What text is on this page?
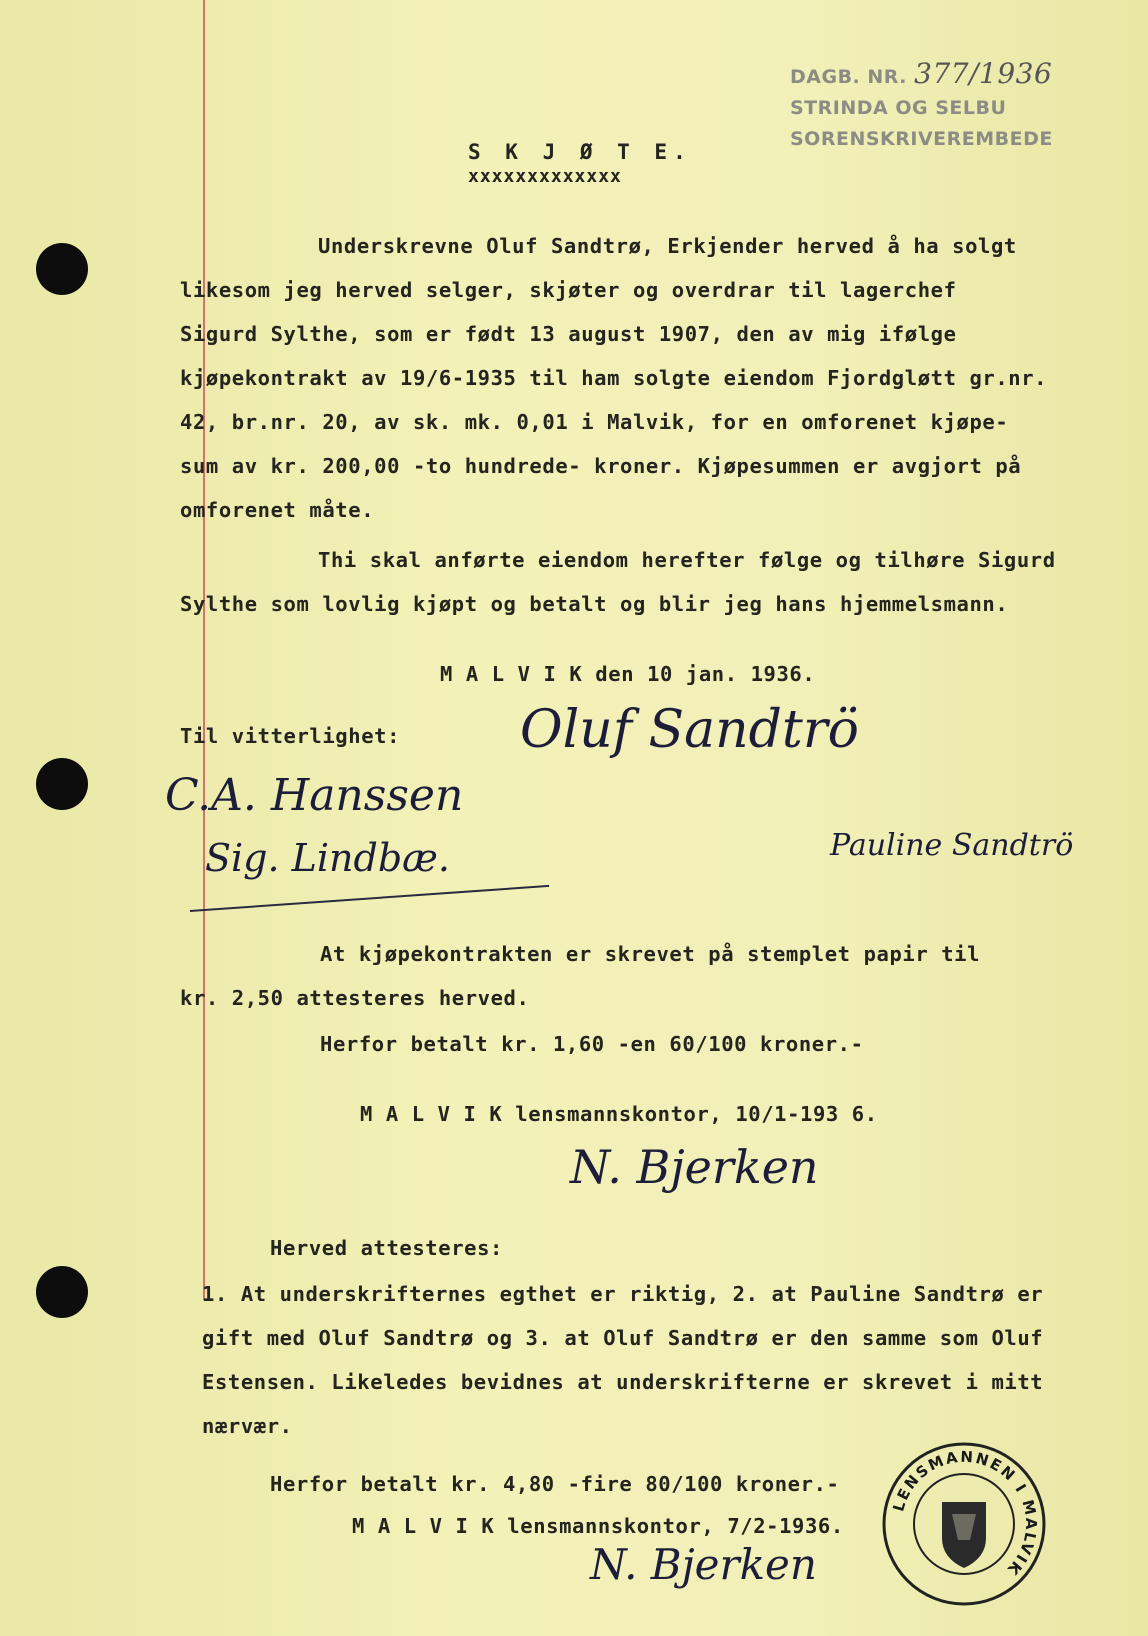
DAGB. NR. 377/1936
STRINDA OG SELBU
SORENSKRIVEREMBEDE
S K J Ø T E.
xxxxxxxxxxxxx
Underskrevne Oluf Sandtrø, Erkjender herved å ha solgt
likesom jeg herved selger, skjøter og overdrar til lagerchef
Sigurd Sylthe, som er født 13 august 1907, den av mig ifølge
kjøpekontrakt av 19/6-1935 til ham solgte eiendom Fjordgløtt gr.nr.
42, br.nr. 20, av sk. mk. 0,01 i Malvik, for en omforenet kjøpe-
sum av kr. 200,00 -to hundrede- kroner. Kjøpesummen er avgjort på
omforenet måte.
Thi skal anførte eiendom herefter følge og tilhøre Sigurd
Sylthe som lovlig kjøpt og betalt og blir jeg hans hjemmelsmann.
M A L V I K den 10 jan. 1936.
Til vitterlighet: Oluf Sandtrö
C.A. Hanssen
Sig. Lindbæ.	Pauline Sandtrö
At kjøpekontrakten er skrevet på stemplet papir til
kr. 2,50 attesteres herved.
Herfor betalt kr. 1,60 -en 60/100 kroner.-
M A L V I K lensmannskontor, 10/1-193 6.
N. Bjerken
Herved attesteres:
1. At underskrifternes egthet er riktig, 2. at Pauline Sandtrø er
gift med Oluf Sandtrø og 3. at Oluf Sandtrø er den samme som Oluf
Estensen. Likeledes bevidnes at underskrifterne er skrevet i mitt
nærvær.
Herfor betalt kr. 4,80 -fire 80/100 kroner.-
M A L V I K lensmannskontor, 7/2-1936.
N. Bjerken
LENSMANNEN I MALVIK
